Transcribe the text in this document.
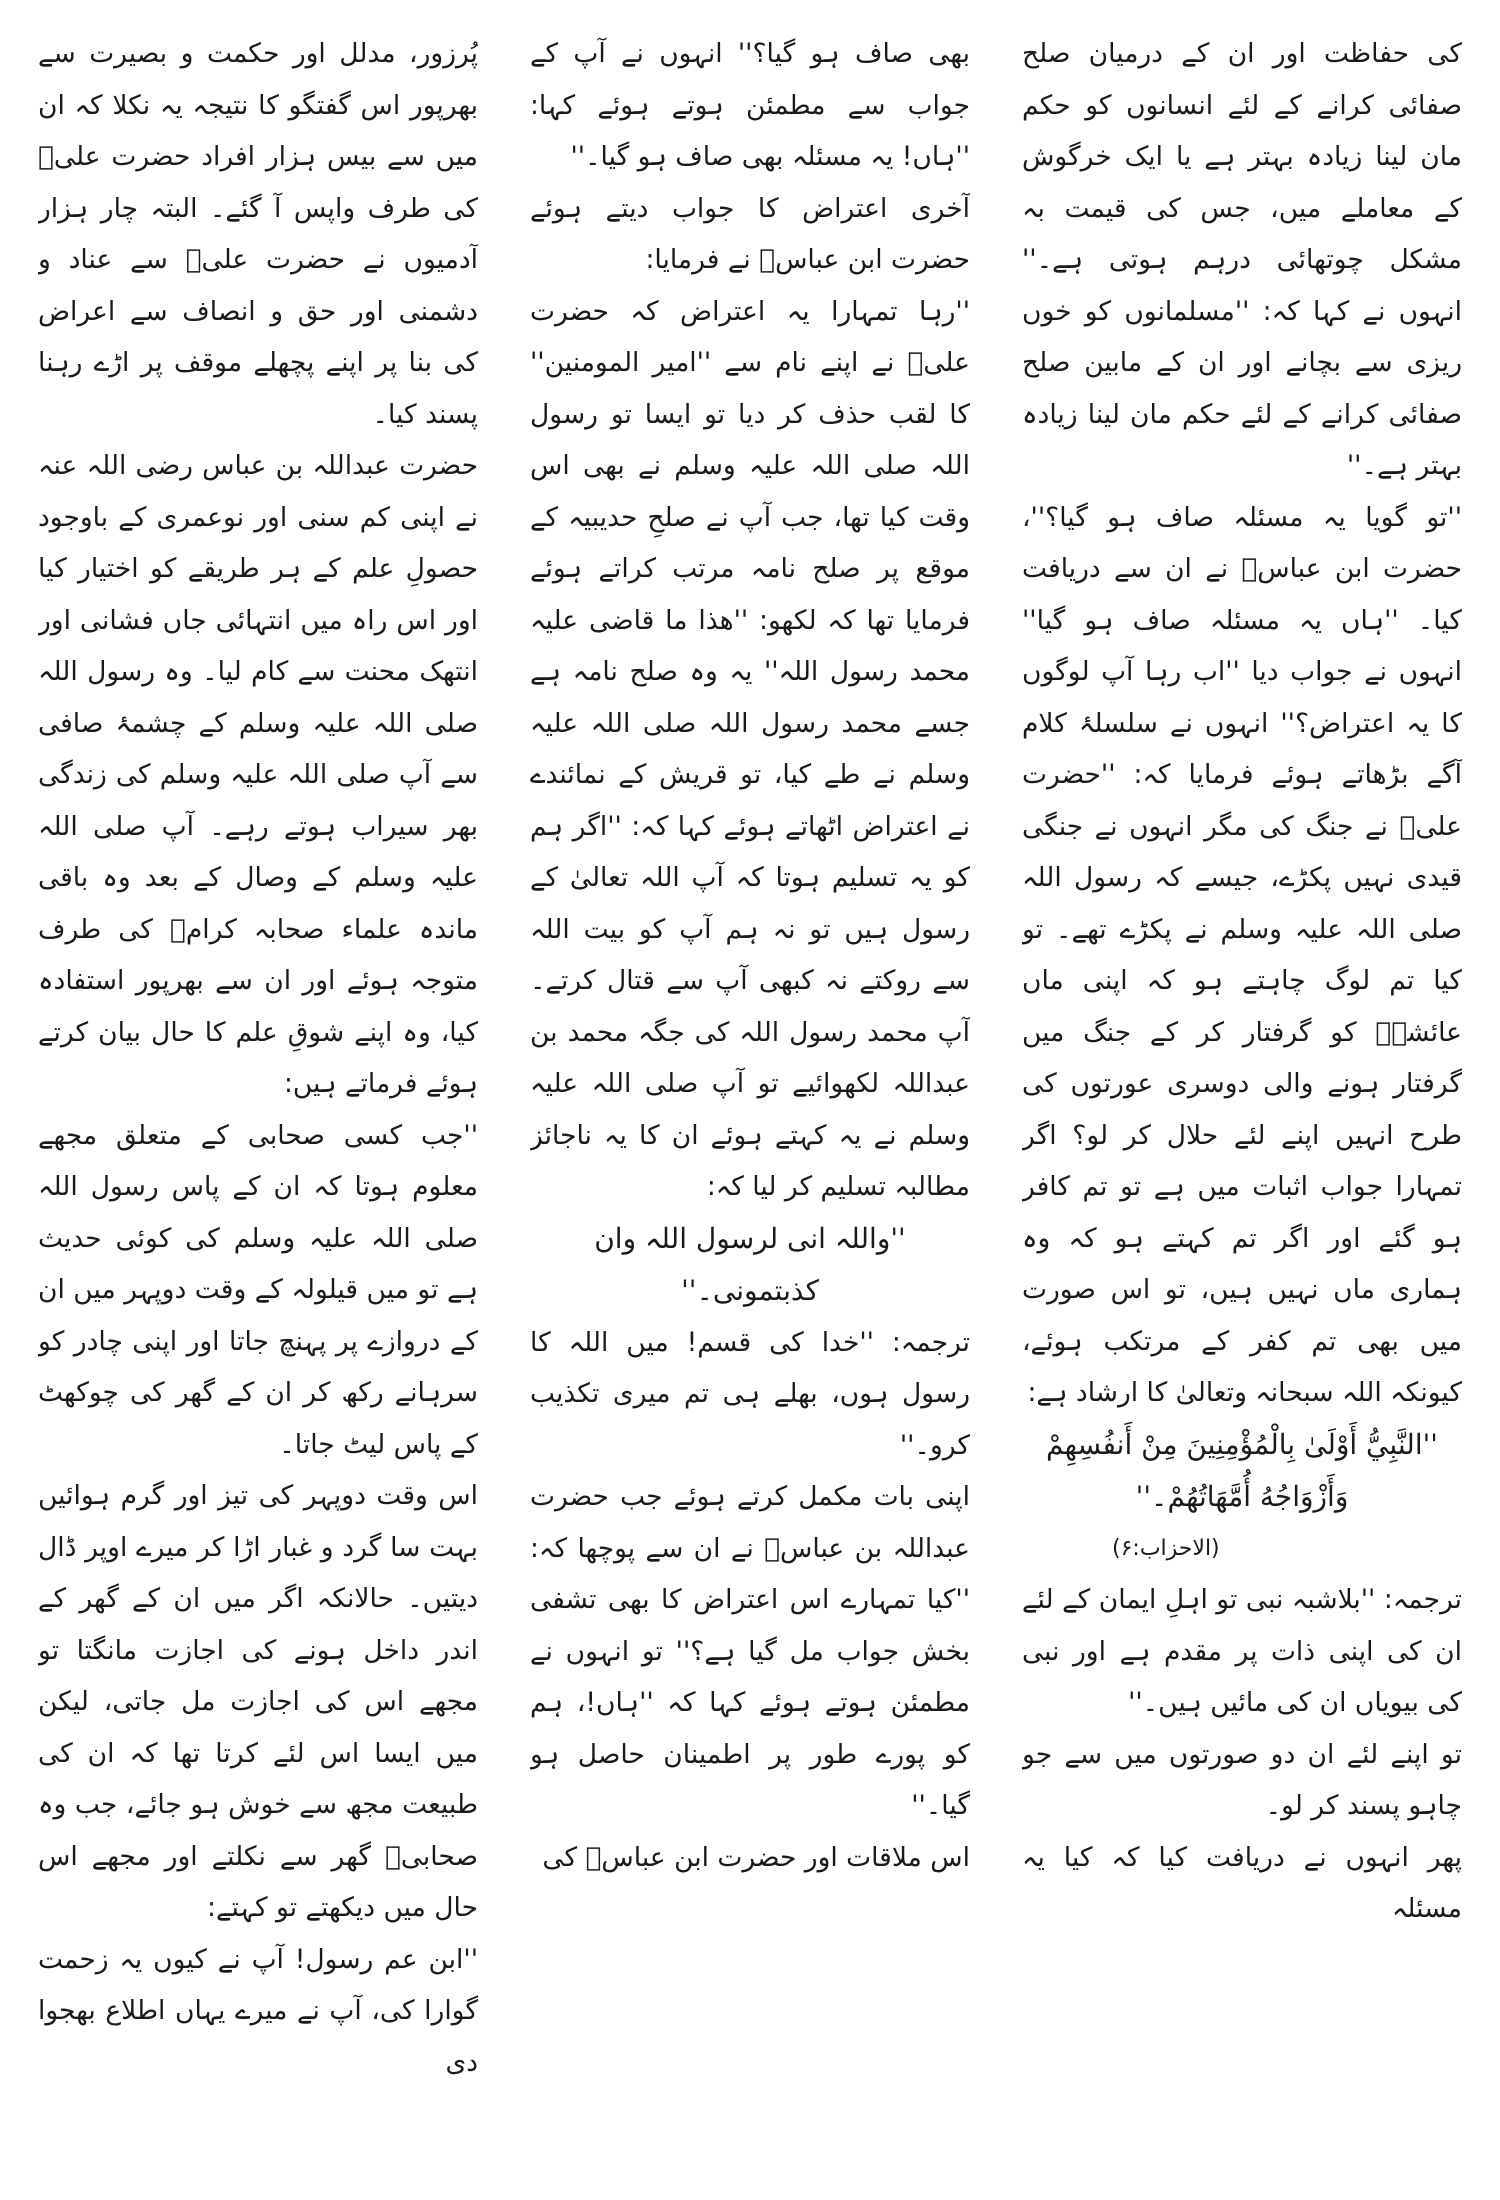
کی حفاظت اور ان کے درمیان صلح صفائی کرانے کے لئے انسانوں کو حکم مان لینا زیادہ بہتر ہے یا ایک خرگوش کے معاملے میں، جس کی قیمت بہ مشکل چوتھائی درہم ہوتی ہے۔'' انہوں نے کہا کہ: ''مسلمانوں کو خوں ریزی سے بچانے اور ان کے مابین صلح صفائی کرانے کے لئے حکم مان لینا زیادہ بہتر ہے۔''

''تو گویا یہ مسئلہ صاف ہو گیا؟''، حضرت ابن عباسؓ نے ان سے دریافت کیا۔ ''ہاں یہ مسئلہ صاف ہو گیا'' انہوں نے جواب دیا ''اب رہا آپ لوگوں کا یہ اعتراض؟'' انہوں نے سلسلۂ کلام آگے بڑھاتے ہوئے فرمایا کہ: ''حضرت علیؓ نے جنگ کی مگر انہوں نے جنگی قیدی نہیں پکڑے، جیسے کہ رسول اللہ صلی اللہ علیہ وسلم نے پکڑے تھے۔ تو کیا تم لوگ چاہتے ہو کہ اپنی ماں عائشہؓ کو گرفتار کر کے جنگ میں گرفتار ہونے والی دوسری عورتوں کی طرح انہیں اپنے لئے حلال کر لو؟ اگر تمہارا جواب اثبات میں ہے تو تم کافر ہو گئے اور اگر تم کہتے ہو کہ وہ ہماری ماں نہیں ہیں، تو اس صورت میں بھی تم کفر کے مرتکب ہوئے، کیونکہ اللہ سبحانہ وتعالیٰ کا ارشاد ہے:

''النَّبِيُّ أَوْلَىٰ بِالْمُؤْمِنِينَ مِنْ أَنفُسِهِمْ وَأَزْوَاجُهُ أُمَّهَاتُهُمْ۔''

(الاحزاب:۶)

ترجمہ: ''بلاشبہ نبی تو اہلِ ایمان کے لئے ان کی اپنی ذات پر مقدم ہے اور نبی کی بیویاں ان کی مائیں ہیں۔''

تو اپنے لئے ان دو صورتوں میں سے جو چاہو پسند کر لو۔

پھر انہوں نے دریافت کیا کہ کیا یہ مسئلہ

بھی صاف ہو گیا؟'' انہوں نے آپ کے جواب سے مطمئن ہوتے ہوئے کہا: ''ہاں! یہ مسئلہ بھی صاف ہو گیا۔''

آخری اعتراض کا جواب دیتے ہوئے حضرت ابن عباسؓ نے فرمایا:

''رہا تمہارا یہ اعتراض کہ حضرت علیؓ نے اپنے نام سے ''امیر المومنین'' کا لقب حذف کر دیا تو ایسا تو رسول اللہ صلی اللہ علیہ وسلم نے بھی اس وقت کیا تھا، جب آپ نے صلحِ حدیبیہ کے موقع پر صلح نامہ مرتب کراتے ہوئے فرمایا تھا کہ لکھو: ''ھذا ما قاضی علیہ محمد رسول اللہ'' یہ وہ صلح نامہ ہے جسے محمد رسول اللہ صلی اللہ علیہ وسلم نے طے کیا، تو قریش کے نمائندے نے اعتراض اٹھاتے ہوئے کہا کہ: ''اگر ہم کو یہ تسلیم ہوتا کہ آپ اللہ تعالیٰ کے رسول ہیں تو نہ ہم آپ کو بیت اللہ سے روکتے نہ کبھی آپ سے قتال کرتے۔ آپ محمد رسول اللہ کی جگہ محمد بن عبداللہ لکھوائیے تو آپ صلی اللہ علیہ وسلم نے یہ کہتے ہوئے ان کا یہ ناجائز مطالبہ تسلیم کر لیا کہ:

''واللہ انی لرسول اللہ وان کذبتمونی۔''

ترجمہ: ''خدا کی قسم! میں اللہ کا رسول ہوں، بھلے ہی تم میری تکذیب کرو۔''

اپنی بات مکمل کرتے ہوئے جب حضرت عبداللہ بن عباسؓ نے ان سے پوچھا کہ: ''کیا تمہارے اس اعتراض کا بھی تشفی بخش جواب مل گیا ہے؟'' تو انہوں نے مطمئن ہوتے ہوئے کہا کہ ''ہاں!، ہم کو پورے طور پر اطمینان حاصل ہو گیا۔''

اس ملاقات اور حضرت ابن عباسؓ کی

پُرزور، مدلل اور حکمت و بصیرت سے بھرپور اس گفتگو کا نتیجہ یہ نکلا کہ ان میں سے بیس ہزار افراد حضرت علیؓ کی طرف واپس آ گئے۔ البتہ چار ہزار آدمیوں نے حضرت علیؓ سے عناد و دشمنی اور حق و انصاف سے اعراض کی بنا پر اپنے پچھلے موقف پر اڑے رہنا پسند کیا۔

حضرت عبداللہ بن عباس رضی اللہ عنہ نے اپنی کم سنی اور نوعمری کے باوجود حصولِ علم کے ہر طریقے کو اختیار کیا اور اس راہ میں انتہائی جاں فشانی اور انتھک محنت سے کام لیا۔ وہ رسول اللہ صلی اللہ علیہ وسلم کے چشمۂ صافی سے آپ صلی اللہ علیہ وسلم کی زندگی بھر سیراب ہوتے رہے۔ آپ صلی اللہ علیہ وسلم کے وصال کے بعد وہ باقی ماندہ علماء صحابہ کرامؓ کی طرف متوجہ ہوئے اور ان سے بھرپور استفادہ کیا، وہ اپنے شوقِ علم کا حال بیان کرتے ہوئے فرماتے ہیں:

''جب کسی صحابی کے متعلق مجھے معلوم ہوتا کہ ان کے پاس رسول اللہ صلی اللہ علیہ وسلم کی کوئی حدیث ہے تو میں قیلولہ کے وقت دوپہر میں ان کے دروازے پر پہنچ جاتا اور اپنی چادر کو سرہانے رکھ کر ان کے گھر کی چوکھٹ کے پاس لیٹ جاتا۔

اس وقت دوپہر کی تیز اور گرم ہوائیں بہت سا گرد و غبار اڑا کر میرے اوپر ڈال دیتیں۔ حالانکہ اگر میں ان کے گھر کے اندر داخل ہونے کی اجازت مانگتا تو مجھے اس کی اجازت مل جاتی، لیکن میں ایسا اس لئے کرتا تھا کہ ان کی طبیعت مجھ سے خوش ہو جائے، جب وہ صحابیؓ گھر سے نکلتے اور مجھے اس حال میں دیکھتے تو کہتے:

''ابن عم رسول! آپ نے کیوں یہ زحمت گوارا کی، آپ نے میرے یہاں اطلاع بھجوا دی
